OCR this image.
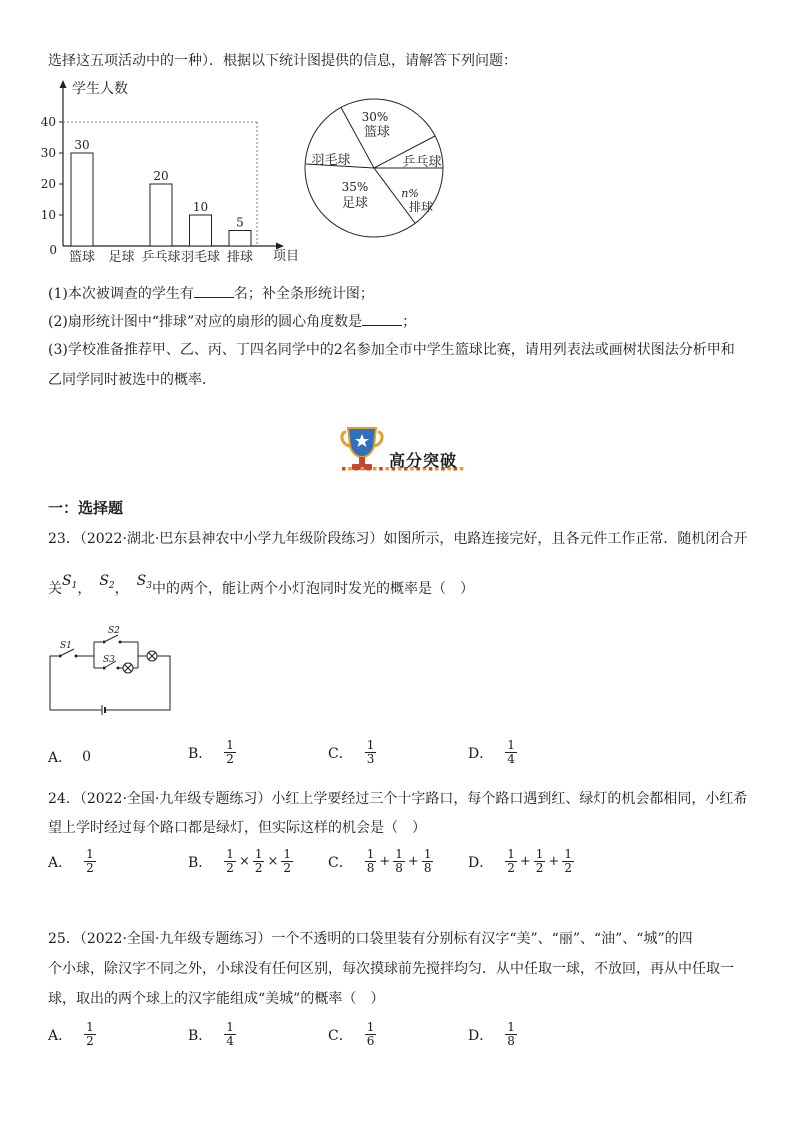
选择这五项活动中的一种）．根据以下统计图提供的信息，请解答下列问题：
学生人数
项目
0
10
20
30
40
30
20
10
5
篮球 足球 乒乓球 羽毛球 排球
30%
篮球
乒乓球
羽毛球
35%
足球
n%
排球
(1)本次被调查的学生有	名；补全条形统计图；
(2)扇形统计图中“排球”对应的扇形的圆心角度数是	；
(3)学校准备推荐甲、乙、丙、丁四名同学中的2名参加全市中学生篮球比赛，请用列表法或画树状图法分析甲和
乙同学同时被选中的概率．
高分突破
一：选择题
23．（2022·湖北·巴东县神农中小学九年级阶段练习）如图所示，电路连接完好，且各元件工作正常．随机闭合开
关$S_1$， $S_2$， $S_3$中的两个，能让两个小灯泡同时发光的概率是（　）
S1
S2
S3
A． 0	B． $\frac{1}{2}$	C． $\frac{1}{3}$	D． $\frac{1}{4}$
24．（2022·全国·九年级专题练习）小红上学要经过三个十字路口，每个路口遇到红、绿灯的机会都相同，小红希
望上学时经过每个路口都是绿灯，但实际这样的机会是（　）
A． $\frac{1}{2}$	B． $\frac{1}{2} \times \frac{1}{2} \times \frac{1}{2}$ C． $\frac{1}{8} + \frac{1}{8} + \frac{1}{8}$ D． $\frac{1}{2} + \frac{1}{2} + \frac{1}{2}$
25．（2022·全国·九年级专题练习）一个不透明的口袋里装有分别标有汉字“美”、“丽”、“油”、“城”的四
个小球，除汉字不同之外，小球没有任何区别，每次摸球前先搅拌均匀．从中任取一球，不放回，再从中任取一
球，取出的两个球上的汉字能组成“美城”的概率（　）
A． $\frac{1}{2}$	B． $\frac{1}{4}$	C． $\frac{1}{6}$	D． $\frac{1}{8}$
